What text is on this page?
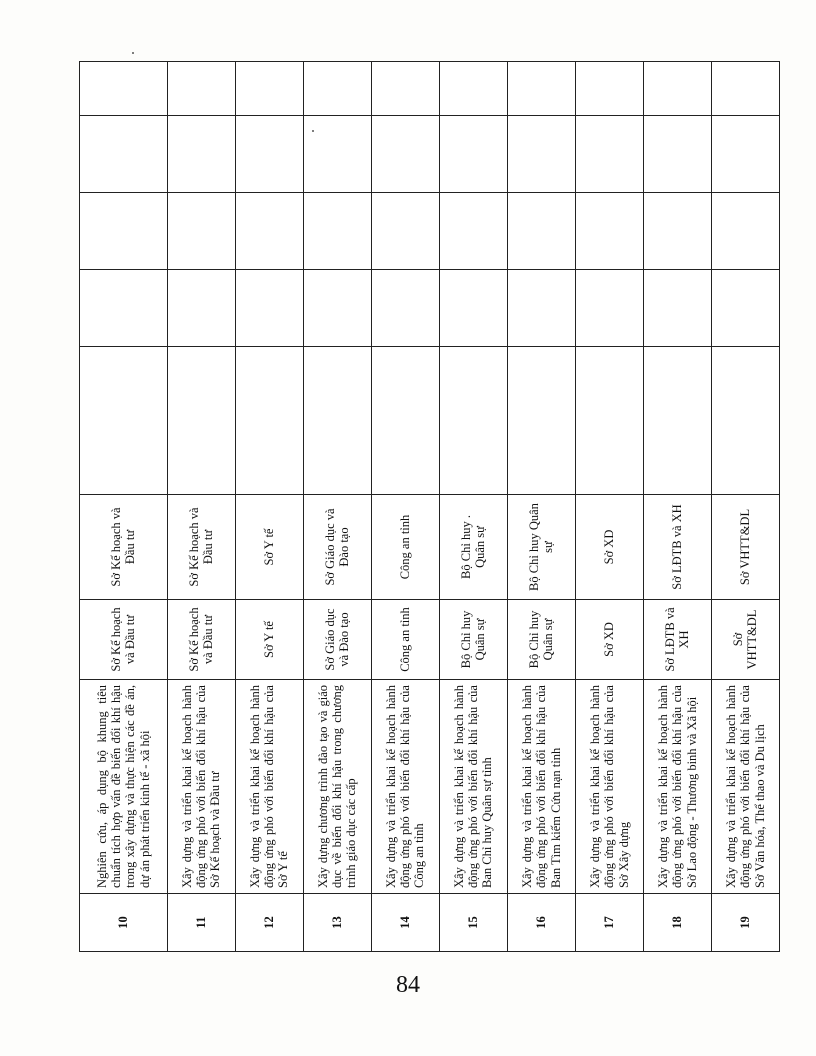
10	Nghiên cứu, áp dụng bộ khung tiêu chuẩn tích hợp vấn đề biến đổi khí hậu trong xây dựng và thực hiện các đề án, dự án phát triển kinh tế - xã hội	Sở Kế hoạch và Đầu tư	Sở Kế hoạch và Đầu tư					
11	Xây dựng và triển khai kế hoạch hành động ứng phó với biến đổi khí hậu của Sở Kế hoạch và Đầu tư	Sở Kế hoạch và Đầu tư	Sở Kế hoạch và Đầu tư					
12	Xây dựng và triển khai kế hoạch hành động ứng phó với biến đổi khí hậu của Sở Y tế	Sở Y tế	Sở Y tế					
13	Xây dựng chương trình đào tạo và giáo dục về biến đổi khí hậu trong chương trình giáo dục các cấp	Sở Giáo dục và Đào tạo	Sở Giáo dục và Đào tạo					
14	Xây dựng và triển khai kế hoạch hành động ứng phó với biến đổi khí hậu của Công an tỉnh	Công an tỉnh	Công an tỉnh					
15	Xây dựng và triển khai kế hoạch hành động ứng phó với biến đổi khí hậu của Ban Chỉ huy Quân sự tỉnh	Bộ Chỉ huy Quân sự	Bộ Chỉ huy . Quân sự					
16	Xây dựng và triển khai kế hoạch hành động ứng phó với biến đổi khí hậu của Ban Tìm kiếm Cứu nạn tỉnh	Bộ Chỉ huy Quân sự	Bộ Chỉ huy Quân sự					
17	Xây dựng và triển khai kế hoạch hành động ứng phó với biến đổi khí hậu của Sở Xây dựng	Sở XD	Sở XD					
18	Xây dựng và triển khai kế hoạch hành động ứng phó với biến đổi khí hậu của Sở Lao động - Thương binh và Xã hội	Sở LĐTB và XH	Sở LĐTB và XH					
19	Xây dựng và triển khai kế hoạch hành động ứng phó với biến đổi khí hậu của Sở Văn hóa, Thể thao và Du lịch	Sở VHTT&DL	Sở VHTT&DL					
84
